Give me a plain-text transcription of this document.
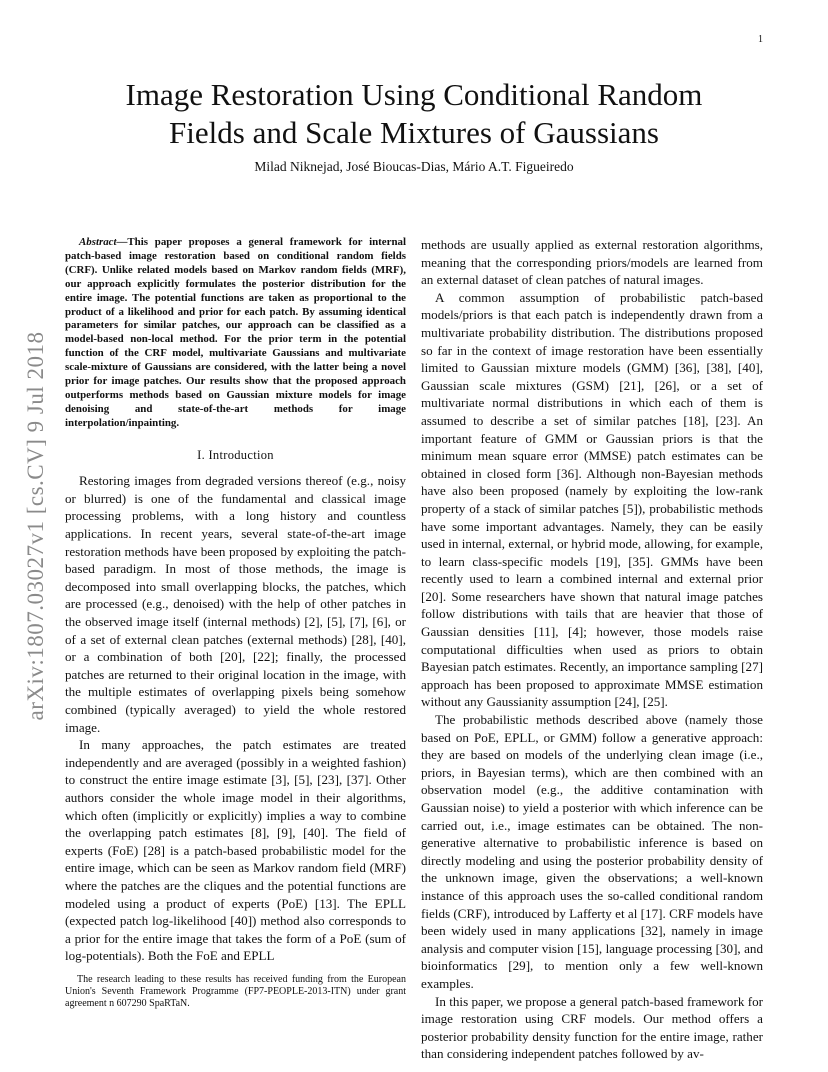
1
arXiv:1807.03027v1 [cs.CV] 9 Jul 2018
Image Restoration Using Conditional Random
Fields and Scale Mixtures of Gaussians
Milad Niknejad, José Bioucas-Dias, Mário A.T. Figueiredo

Abstract—This paper proposes a general framework for internal patch-based image restoration based on conditional random fields (CRF). Unlike related models based on Markov random fields (MRF), our approach explicitly formulates the posterior distribution for the entire image. The potential functions are taken as proportional to the product of a likelihood and prior for each patch. By assuming identical parameters for similar patches, our approach can be classified as a model-based non-local method. For the prior term in the potential function of the CRF model, multivariate Gaussians and multivariate scale-mixture of Gaussians are considered, with the latter being a novel prior for image patches. Our results show that the proposed approach outperforms methods based on Gaussian mixture models for image denoising and state-of-the-art methods for image interpolation/inpainting.

I. Introduction

Restoring images from degraded versions thereof (e.g., noisy or blurred) is one of the fundamental and classical image processing problems, with a long history and countless applications. In recent years, several state-of-the-art image restoration methods have been proposed by exploiting the patch-based paradigm. In most of those methods, the image is decomposed into small overlapping blocks, the patches, which are processed (e.g., denoised) with the help of other patches in the observed image itself (internal methods) [2], [5], [7], [6], or of a set of external clean patches (external methods) [28], [40], or a combination of both [20], [22]; finally, the processed patches are returned to their original location in the image, with the multiple estimates of overlapping pixels being somehow combined (typically averaged) to yield the whole restored image.

In many approaches, the patch estimates are treated independently and are averaged (possibly in a weighted fashion) to construct the entire image estimate [3], [5], [23], [37]. Other authors consider the whole image model in their algorithms, which often (implicitly or explicitly) implies a way to combine the overlapping patch estimates [8], [9], [40]. The field of experts (FoE) [28] is a patch-based probabilistic model for the entire image, which can be seen as Markov random field (MRF) where the patches are the cliques and the potential functions are modeled using a product of experts (PoE) [13]. The EPLL (expected patch log-likelihood [40]) method also corresponds to a prior for the entire image that takes the form of a PoE (sum of log-potentials). Both the FoE and EPLL

The research leading to these results has received funding from the European Union's Seventh Framework Programme (FP7-PEOPLE-2013-ITN) under grant agreement n 607290 SpaRTaN.

methods are usually applied as external restoration algorithms, meaning that the corresponding priors/models are learned from an external dataset of clean patches of natural images.

A common assumption of probabilistic patch-based models/priors is that each patch is independently drawn from a multivariate probability distribution. The distributions proposed so far in the context of image restoration have been essentially limited to Gaussian mixture models (GMM) [36], [38], [40], Gaussian scale mixtures (GSM) [21], [26], or a set of multivariate normal distributions in which each of them is assumed to describe a set of similar patches [18], [23]. An important feature of GMM or Gaussian priors is that the minimum mean square error (MMSE) patch estimates can be obtained in closed form [36]. Although non-Bayesian methods have also been proposed (namely by exploiting the low-rank property of a stack of similar patches [5]), probabilistic methods have some important advantages. Namely, they can be easily used in internal, external, or hybrid mode, allowing, for example, to learn class-specific models [19], [35]. GMMs have been recently used to learn a combined internal and external prior [20]. Some researchers have shown that natural image patches follow distributions with tails that are heavier that those of Gaussian densities [11], [4]; however, those models raise computational difficulties when used as priors to obtain Bayesian patch estimates. Recently, an importance sampling [27] approach has been proposed to approximate MMSE estimation without any Gaussianity assumption [24], [25].

The probabilistic methods described above (namely those based on PoE, EPLL, or GMM) follow a generative approach: they are based on models of the underlying clean image (i.e., priors, in Bayesian terms), which are then combined with an observation model (e.g., the additive contamination with Gaussian noise) to yield a posterior with which inference can be carried out, i.e., image estimates can be obtained. The non-generative alternative to probabilistic inference is based on directly modeling and using the posterior probability density of the unknown image, given the observations; a well-known instance of this approach uses the so-called conditional random fields (CRF), introduced by Lafferty et al [17]. CRF models have been widely used in many applications [32], namely in image analysis and computer vision [15], language processing [30], and bioinformatics [29], to mention only a few well-known examples.

In this paper, we propose a general patch-based framework for image restoration using CRF models. Our method offers a posterior probability density function for the entire image, rather than considering independent patches followed by av-
